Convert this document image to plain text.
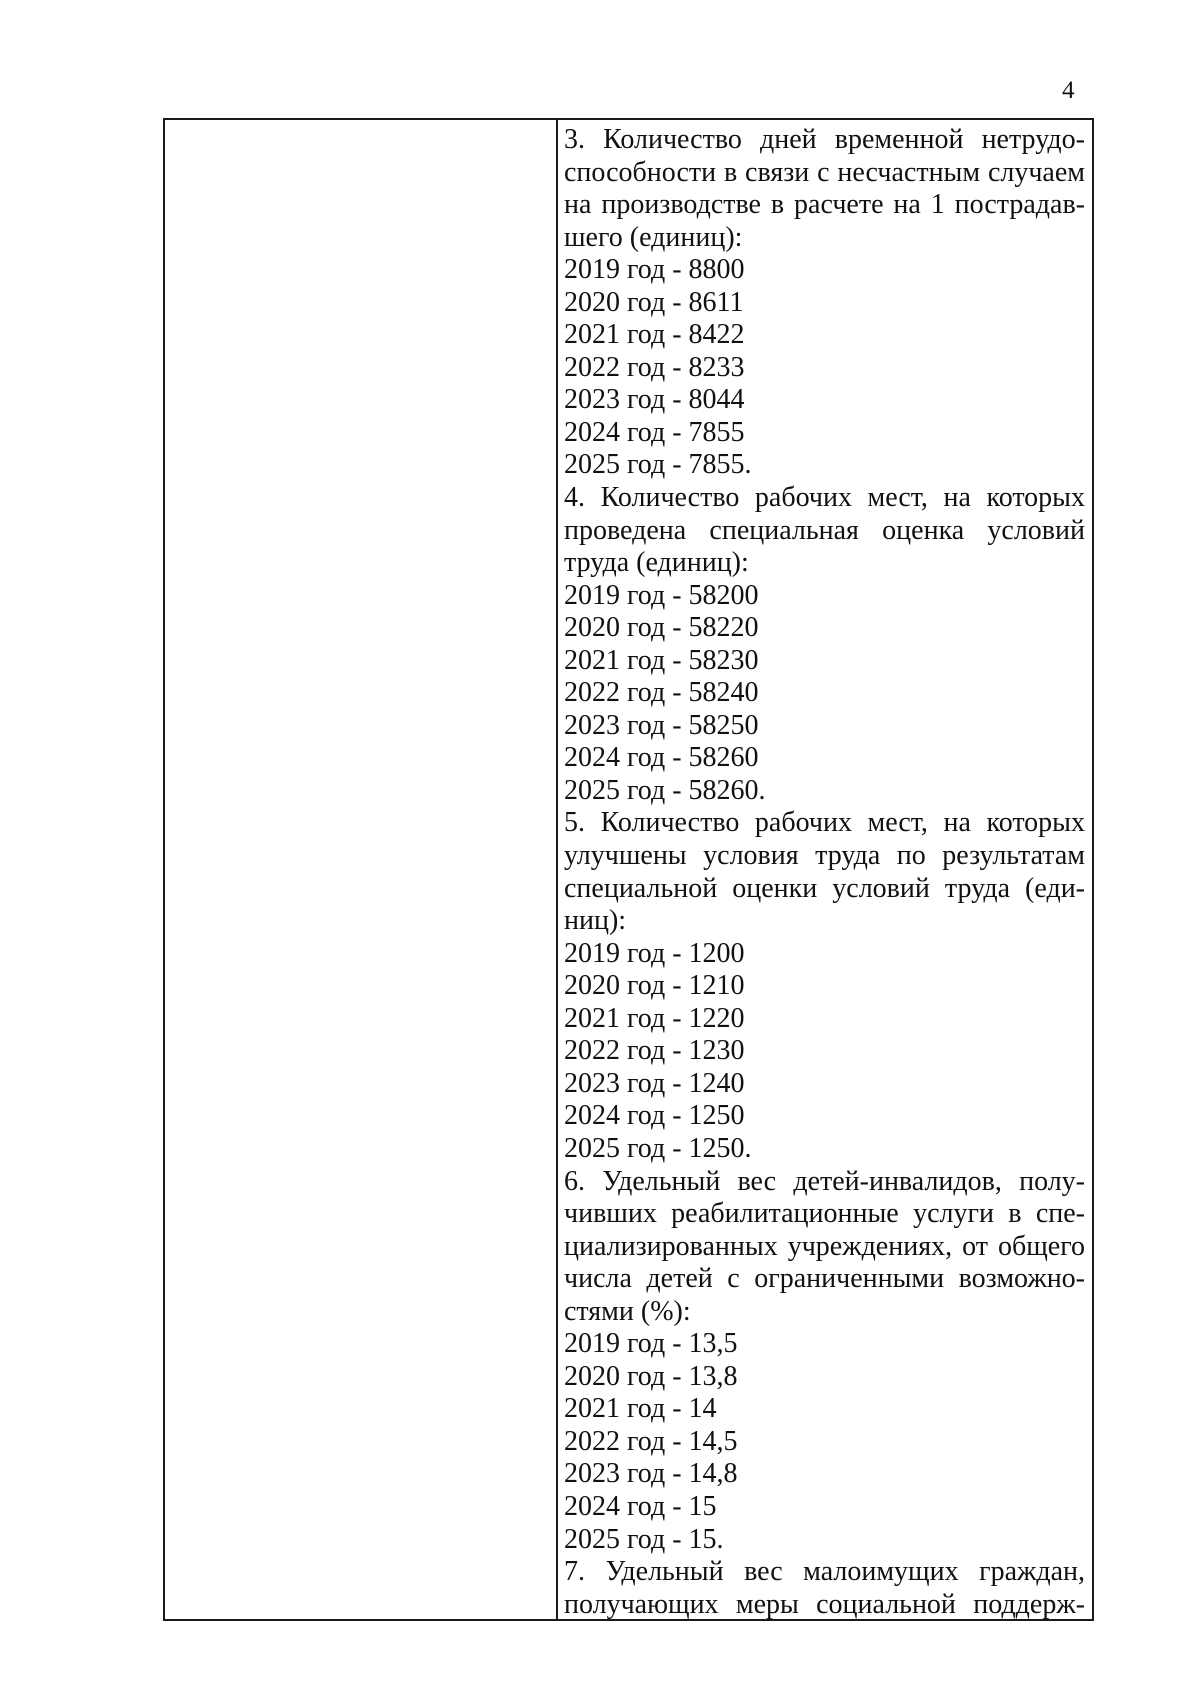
4
3. Количество дней временной нетрудо-
способности в связи с несчастным случаем
на производстве в расчете на 1 пострадав-
шего (единиц):
2019 год - 8800
2020 год - 8611
2021 год - 8422
2022 год - 8233
2023 год - 8044
2024 год - 7855
2025 год - 7855.
4. Количество рабочих мест, на которых
проведена специальная оценка условий
труда (единиц):
2019 год - 58200
2020 год - 58220
2021 год - 58230
2022 год - 58240
2023 год - 58250
2024 год - 58260
2025 год - 58260.
5. Количество рабочих мест, на которых
улучшены условия труда по результатам
специальной оценки условий труда (еди-
ниц):
2019 год - 1200
2020 год - 1210
2021 год - 1220
2022 год - 1230
2023 год - 1240
2024 год - 1250
2025 год - 1250.
6. Удельный вес детей-инвалидов, полу-
чивших реабилитационные услуги в спе-
циализированных учреждениях, от общего
числа детей с ограниченными возможно-
стями (%):
2019 год - 13,5
2020 год - 13,8
2021 год - 14
2022 год - 14,5
2023 год - 14,8
2024 год - 15
2025 год - 15.
7. Удельный вес малоимущих граждан,
получающих меры социальной поддерж-
